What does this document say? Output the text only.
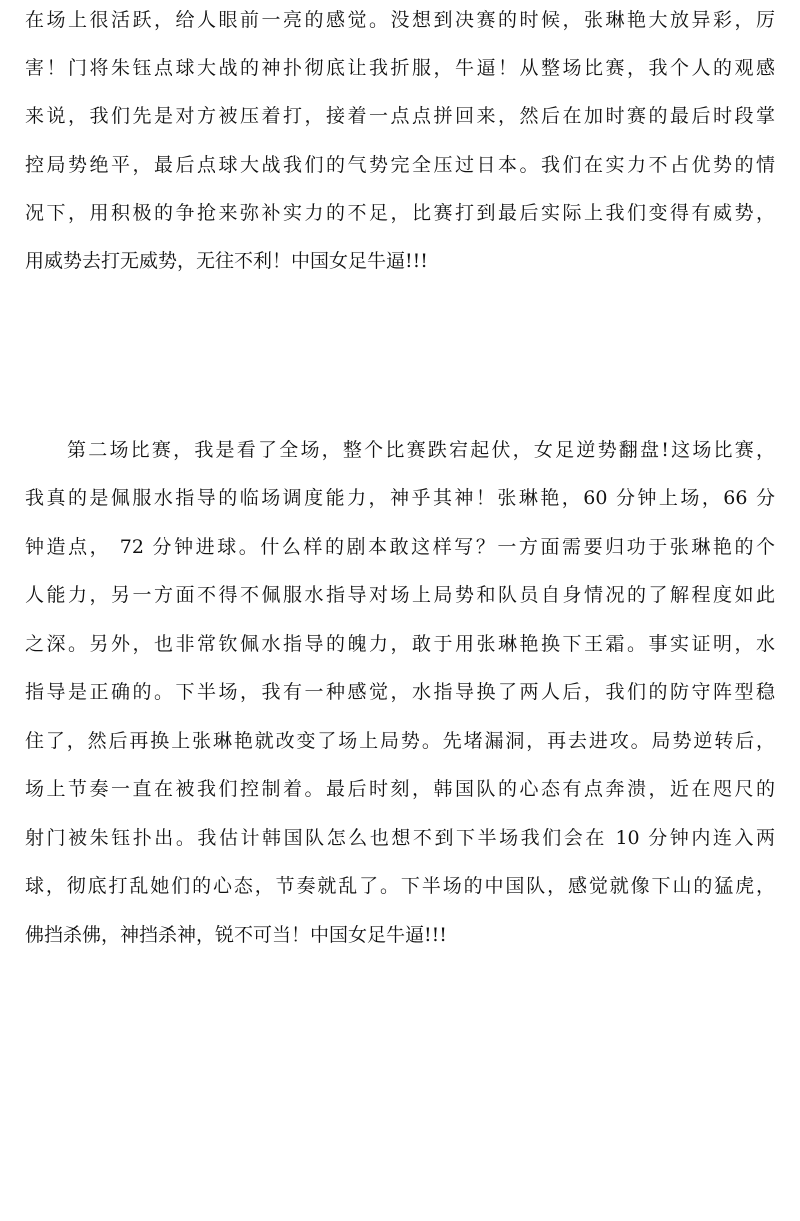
在场上很活跃，给人眼前一亮的感觉。没想到决赛的时候，张琳艳大放异彩，厉
害！门将朱钰点球大战的神扑彻底让我折服，牛逼！从整场比赛，我个人的观感
来说，我们先是对方被压着打，接着一点点拼回来，然后在加时赛的最后时段掌
控局势绝平，最后点球大战我们的气势完全压过日本。我们在实力不占优势的情
况下，用积极的争抢来弥补实力的不足，比赛打到最后实际上我们变得有威势，
用威势去打无威势，无往不利！中国女足牛逼!!!
第二场比赛，我是看了全场，整个比赛跌宕起伏，女足逆势翻盘!这场比赛，
我真的是佩服水指导的临场调度能力，神乎其神！张琳艳，60 分钟上场，66 分
钟造点， 72 分钟进球。什么样的剧本敢这样写？一方面需要归功于张琳艳的个
人能力，另一方面不得不佩服水指导对场上局势和队员自身情况的了解程度如此
之深。另外，也非常钦佩水指导的魄力，敢于用张琳艳换下王霜。事实证明，水
指导是正确的。下半场，我有一种感觉，水指导换了两人后，我们的防守阵型稳
住了，然后再换上张琳艳就改变了场上局势。先堵漏洞，再去进攻。局势逆转后，
场上节奏一直在被我们控制着。最后时刻，韩国队的心态有点奔溃，近在咫尺的
射门被朱钰扑出。我估计韩国队怎么也想不到下半场我们会在 10 分钟内连入两
球，彻底打乱她们的心态，节奏就乱了。下半场的中国队，感觉就像下山的猛虎，
佛挡杀佛，神挡杀神，锐不可当！中国女足牛逼!!!
